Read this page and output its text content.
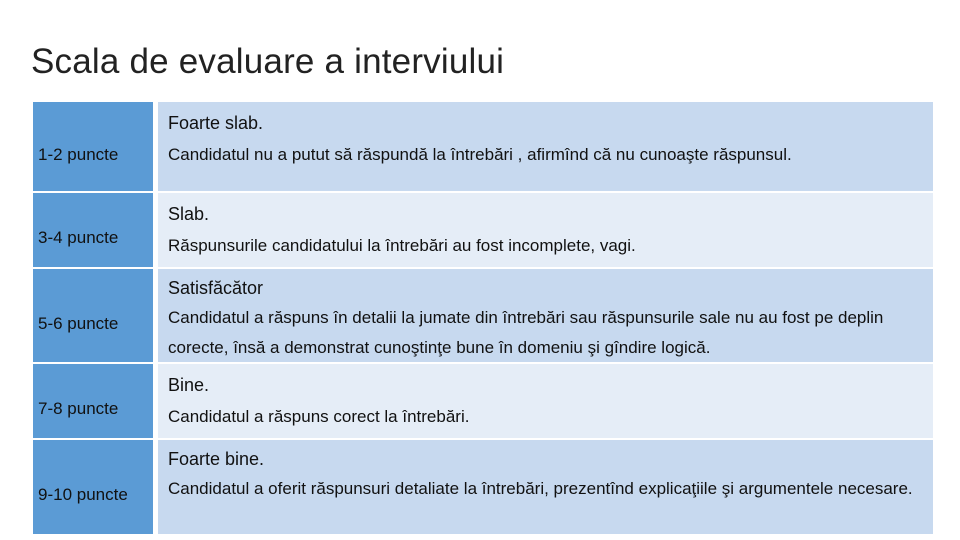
Scala de evaluare a interviului
1-2 puncte
Foarte slab.
Candidatul nu a putut să răspundă la întrebări , afirmînd că nu cunoaşte răspunsul.
3-4 puncte
Slab.
Răspunsurile candidatului la întrebări au fost incomplete, vagi.
5-6 puncte
Satisfăcător
Candidatul a răspuns în detalii la jumate din întrebări sau răspunsurile sale nu au fost pe deplin corecte, însă a demonstrat cunoştinţe bune în domeniu şi gîndire logică.
7-8 puncte
Bine.
Candidatul a răspuns corect la întrebări.
9-10 puncte
Foarte bine.
Candidatul a oferit răspunsuri detaliate la întrebări, prezentînd explicaţiile şi argumentele necesare.
